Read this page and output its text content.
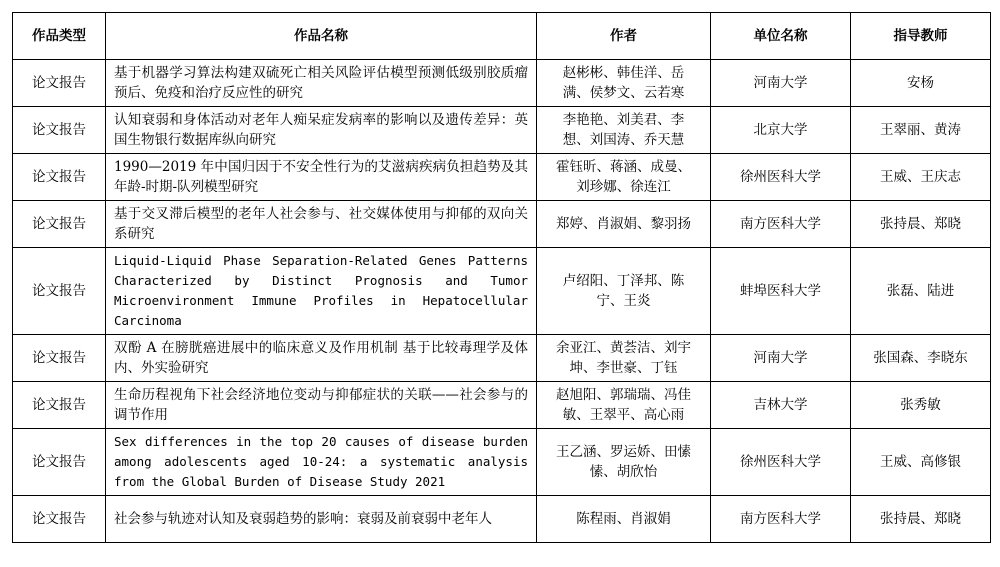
作品类型	作品名称	作者	单位名称	指导教师
论文报告	基于机器学习算法构建双硫死亡相关风险评估模型预测低级别胶质瘤预后、免疫和治疗反应性的研究	赵彬彬、韩佳洋、岳满、侯梦文、云若寒	河南大学	安杨
论文报告	认知衰弱和身体活动对老年人痴呆症发病率的影响以及遗传差异：英国生物银行数据库纵向研究	李艳艳、刘美君、李想、刘国涛、乔天慧	北京大学	王翠丽、黄涛
论文报告	1990—2019 年中国归因于不安全性行为的艾滋病疾病负担趋势及其年龄-时期-队列模型研究	霍钰昕、蒋涵、成曼、刘珍娜、徐连江	徐州医科大学	王威、王庆志
论文报告	基于交叉滞后模型的老年人社会参与、社交媒体使用与抑郁的双向关系研究	郑婷、肖淑娟、黎羽扬	南方医科大学	张持晨、郑晓
论文报告	Liquid-Liquid Phase Separation-Related Genes Patterns Characterized by Distinct Prognosis and Tumor Microenvironment Immune Profiles in Hepatocellular Carcinoma	卢绍阳、丁泽邦、陈宁、王炎	蚌埠医科大学	张磊、陆进
论文报告	双酚 A 在膀胱癌进展中的临床意义及作用机制 基于比较毒理学及体内、外实验研究	余亚江、黄荟洁、刘宇坤、李世豪、丁钰	河南大学	张国森、李晓东
论文报告	生命历程视角下社会经济地位变动与抑郁症状的关联——社会参与的调节作用	赵旭阳、郭瑞瑞、冯佳敏、王翠平、高心雨	吉林大学	张秀敏
论文报告	Sex differences in the top 20 causes of disease burden among adolescents aged 10-24: a systematic analysis from the Global Burden of Disease Study 2021	王乙涵、罗运娇、田愫愫、胡欣怡	徐州医科大学	王威、高修银
论文报告	社会参与轨迹对认知及衰弱趋势的影响：衰弱及前衰弱中老年人	陈程雨、肖淑娟	南方医科大学	张持晨、郑晓
